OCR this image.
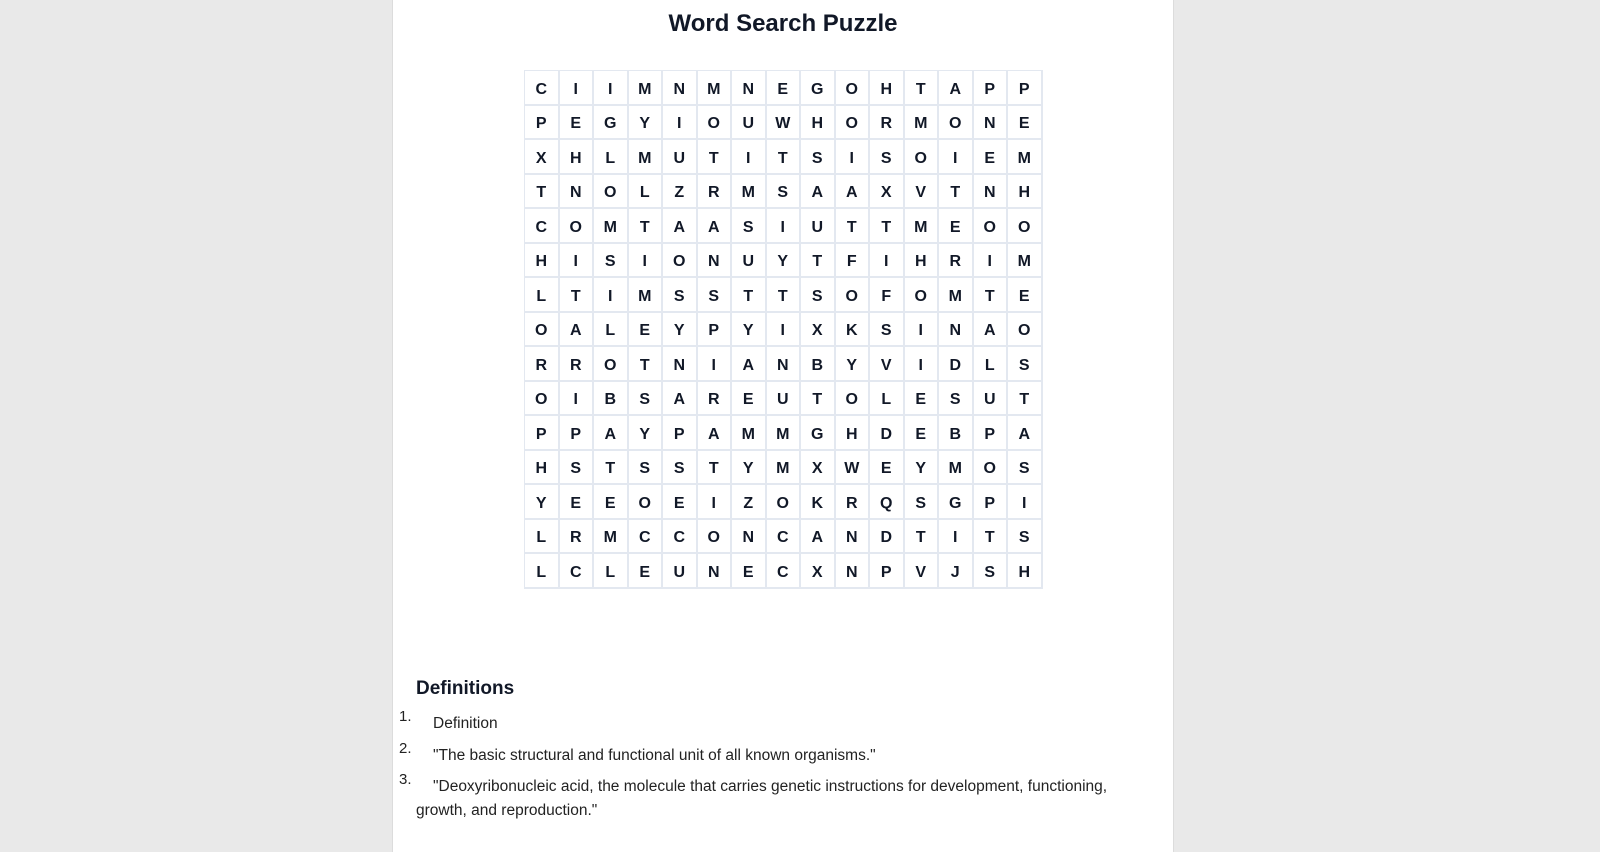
Word Search Puzzle
C	I	I	M	N	M	N	E	G	O	H	T	A	P	P
P	E	G	Y	I	O	U	W	H	O	R	M	O	N	E
X	H	L	M	U	T	I	T	S	I	S	O	I	E	M
T	N	O	L	Z	R	M	S	A	A	X	V	T	N	H
C	O	M	T	A	A	S	I	U	T	T	M	E	O	O
H	I	S	I	O	N	U	Y	T	F	I	H	R	I	M
L	T	I	M	S	S	T	T	S	O	F	O	M	T	E
O	A	L	E	Y	P	Y	I	X	K	S	I	N	A	O
R	R	O	T	N	I	A	N	B	Y	V	I	D	L	S
O	I	B	S	A	R	E	U	T	O	L	E	S	U	T
P	P	A	Y	P	A	M	M	G	H	D	E	B	P	A
H	S	T	S	S	T	Y	M	X	W	E	Y	M	O	S
Y	E	E	O	E	I	Z	O	K	R	Q	S	G	P	I
L	R	M	C	C	O	N	C	A	N	D	T	I	T	S
L	C	L	E	U	N	E	C	X	N	P	V	J	S	H
Definitions
1. Definition
2. "The basic structural and functional unit of all known organisms."
3. "Deoxyribonucleic acid, the molecule that carries genetic instructions for development, functioning, growth, and reproduction."
